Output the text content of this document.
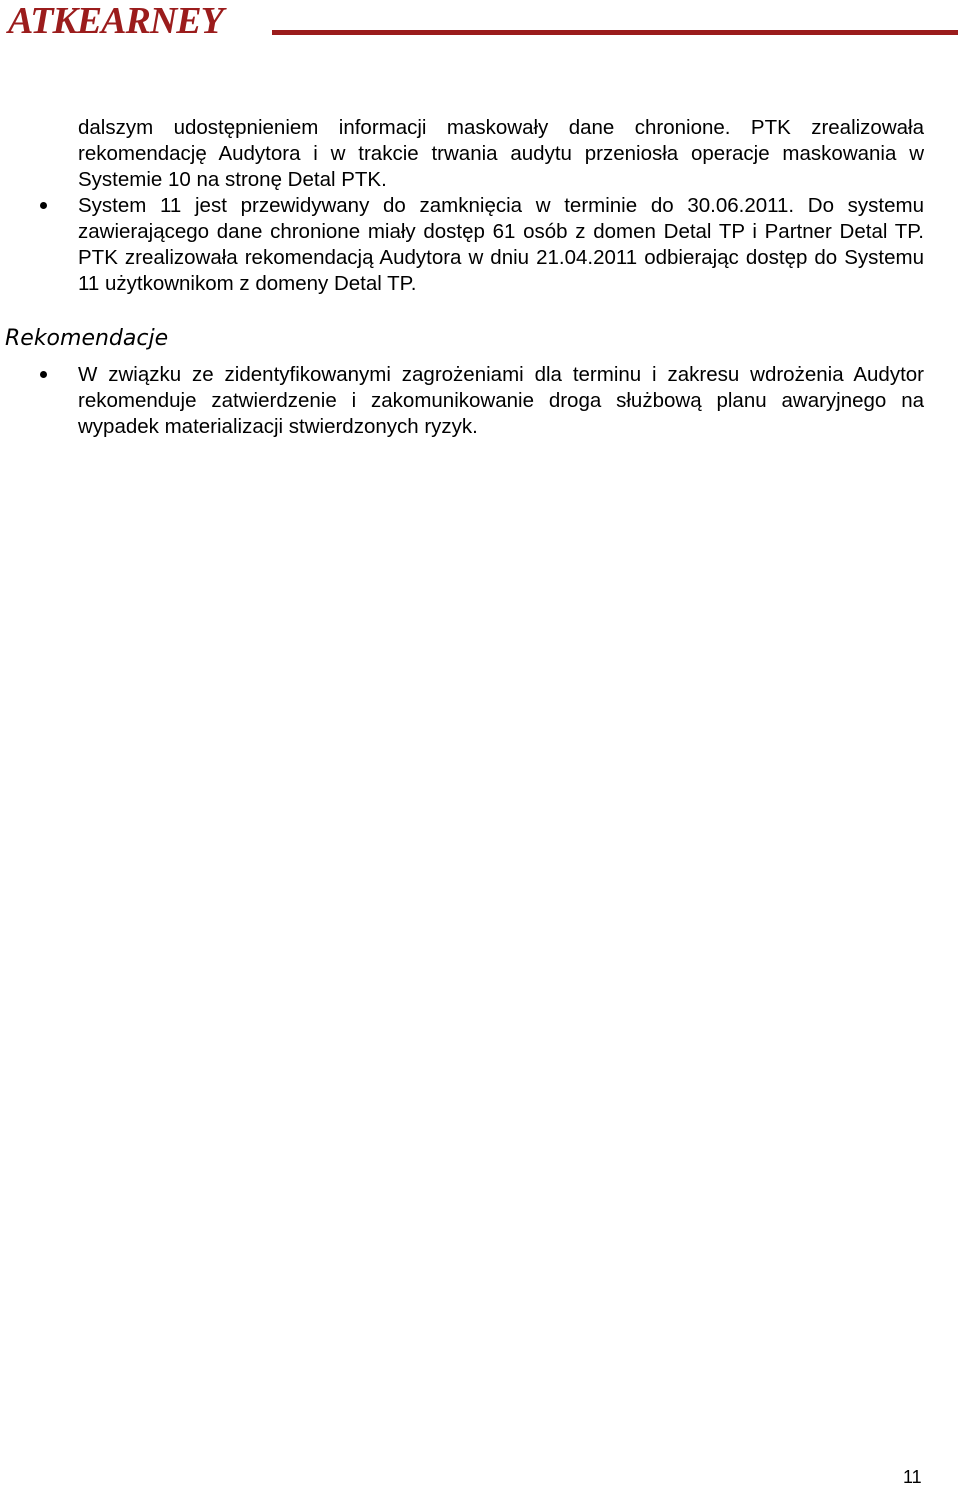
ATKEARNEY

dalszym udostępnieniem informacji maskowały dane chronione. PTK zrealizowała rekomendację Audytora i w trakcie trwania audytu przeniosła operacje maskowania w Systemie 10 na stronę Detal PTK.

System 11 jest przewidywany do zamknięcia w terminie do 30.06.2011. Do systemu zawierającego dane chronione miały dostęp 61 osób z domen Detal TP i Partner Detal TP. PTK zrealizowała rekomendacją Audytora w dniu 21.04.2011 odbierając dostęp do Systemu 11 użytkownikom z domeny Detal TP.

Rekomendacje

W związku ze zidentyfikowanymi zagrożeniami dla terminu i zakresu wdrożenia Audytor rekomenduje zatwierdzenie i zakomunikowanie droga służbową planu awaryjnego na wypadek materializacji stwierdzonych ryzyk.

11
